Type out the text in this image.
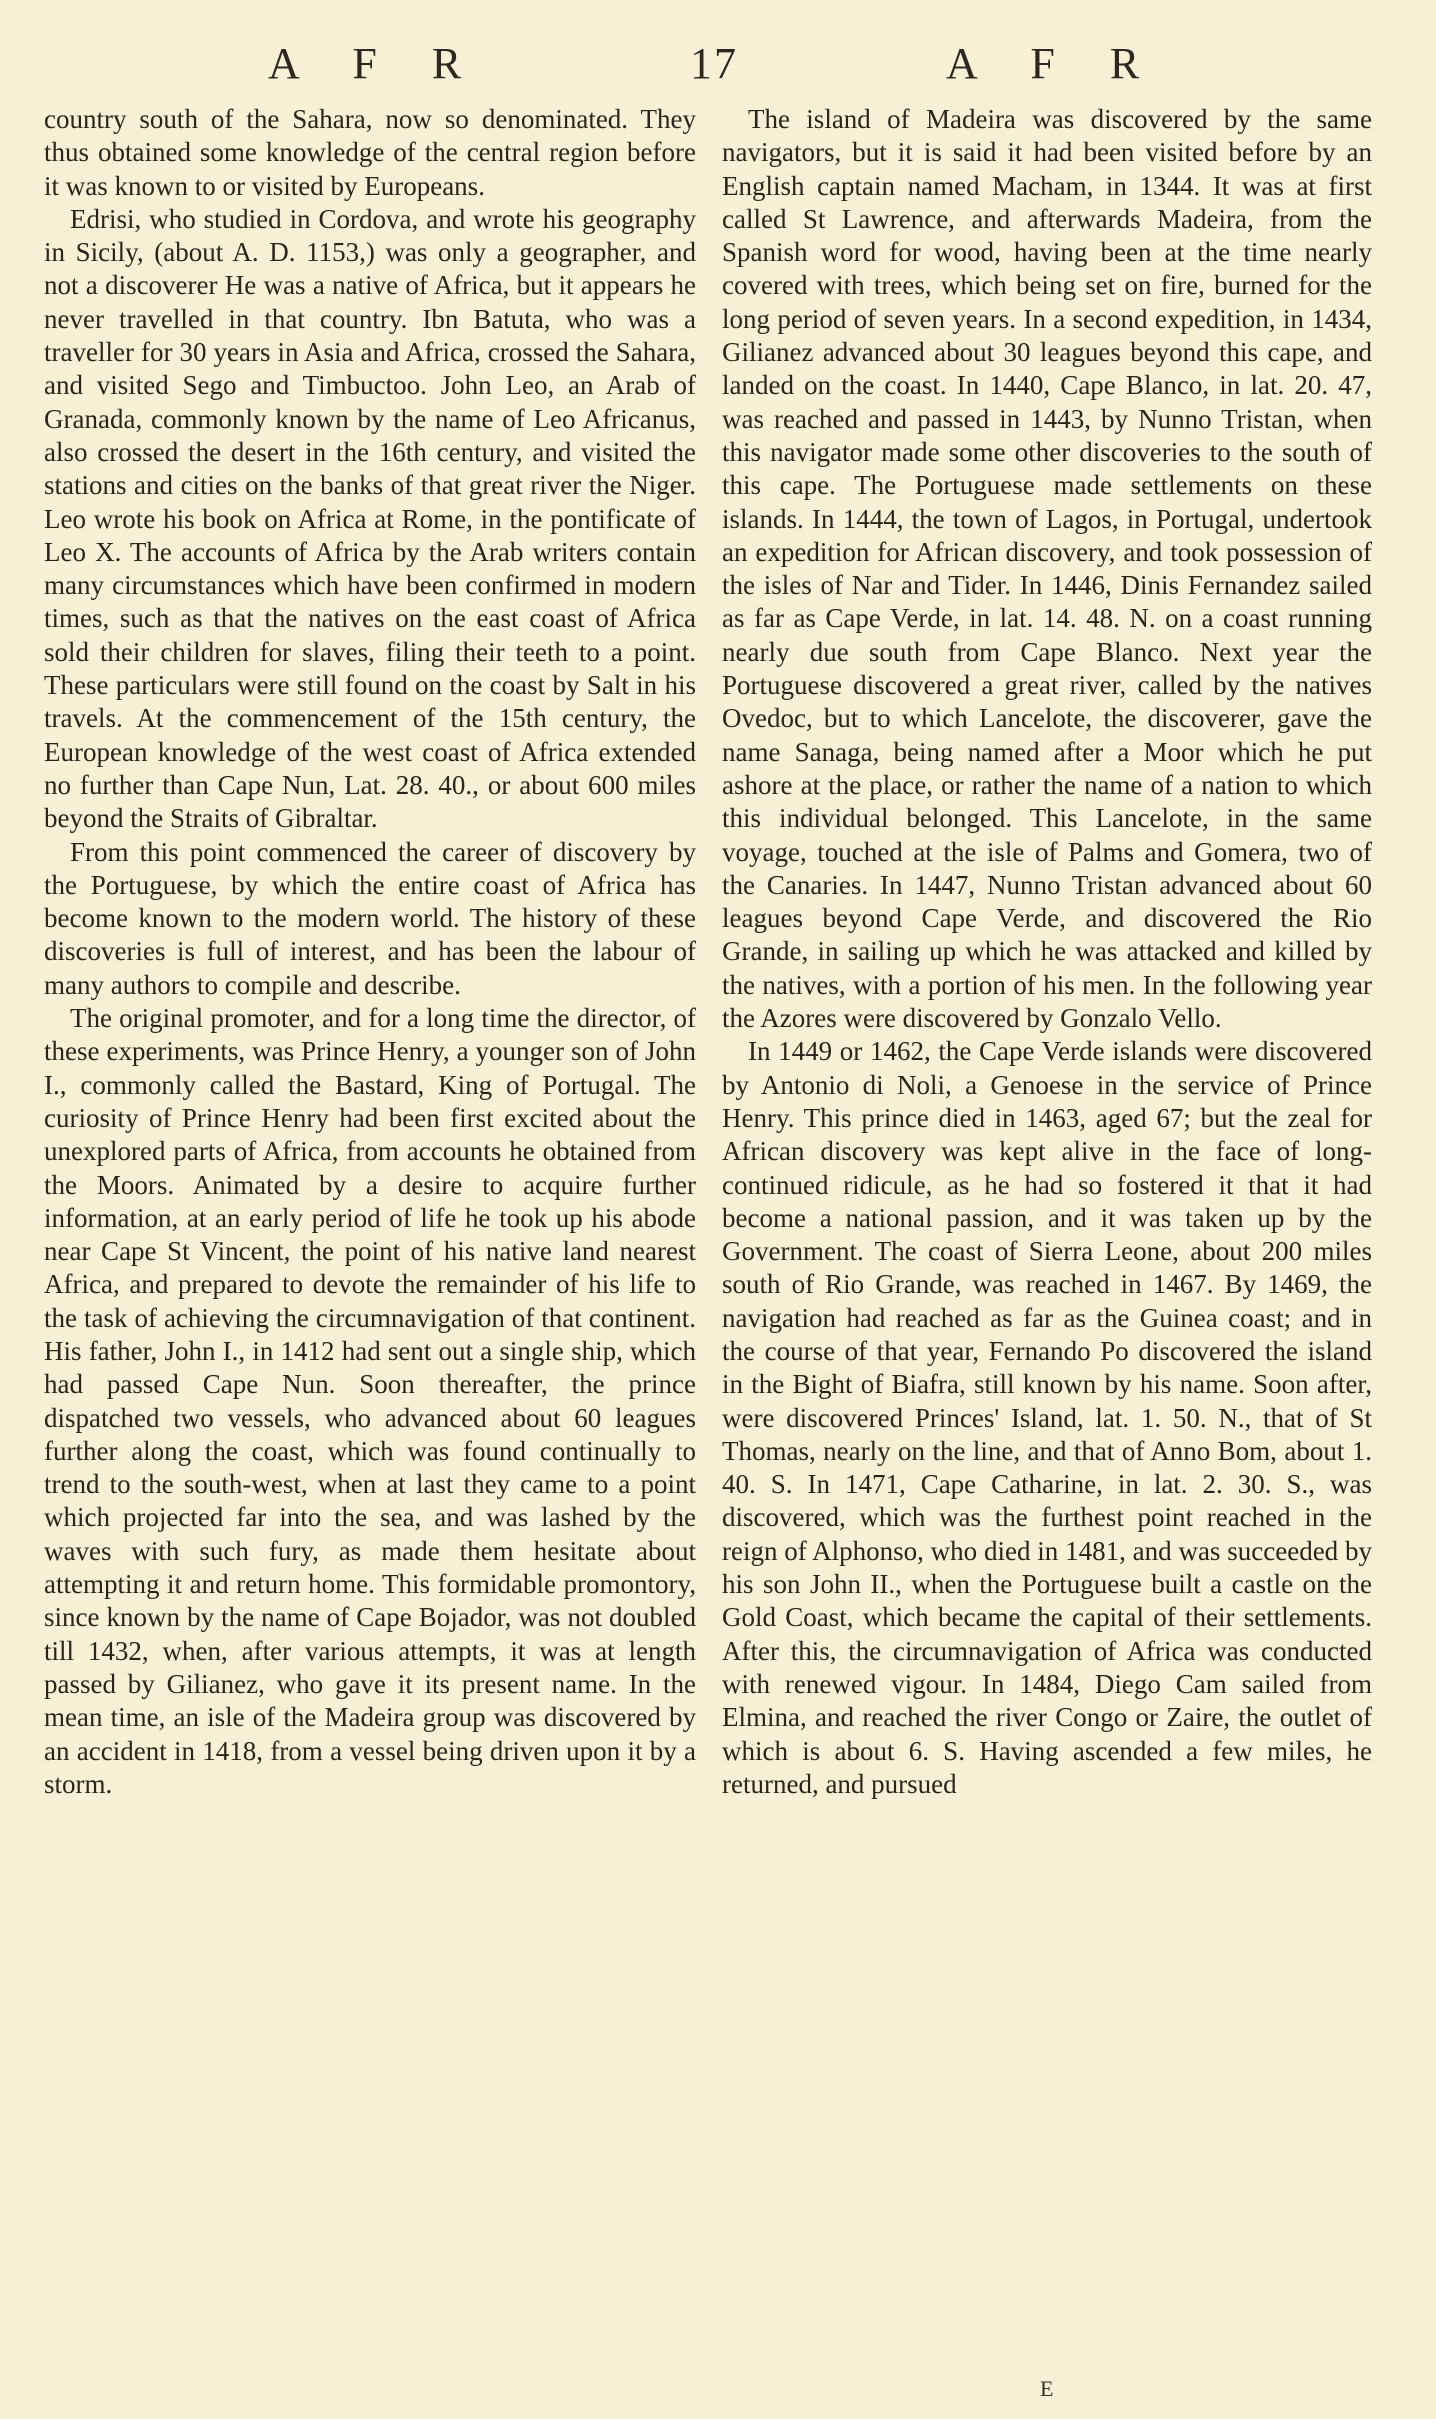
A F R	17	A F R

country south of the Sahara, now so denominated. They thus obtained some knowledge of the central region before it was known to or visited by Europeans.

Edrisi, who studied in Cordova, and wrote his geography in Sicily, (about A. D. 1153,) was only a geographer, and not a discoverer He was a native of Africa, but it appears he never travelled in that country. Ibn Batuta, who was a traveller for 30 years in Asia and Africa, crossed the Sahara, and visited Sego and Timbuctoo. John Leo, an Arab of Granada, commonly known by the name of Leo Africanus, also crossed the desert in the 16th century, and visited the stations and cities on the banks of that great river the Niger. Leo wrote his book on Africa at Rome, in the pontificate of Leo X. The accounts of Africa by the Arab writers contain many circumstances which have been confirmed in modern times, such as that the natives on the east coast of Africa sold their children for slaves, filing their teeth to a point. These particulars were still found on the coast by Salt in his travels. At the commencement of the 15th century, the European knowledge of the west coast of Africa extended no further than Cape Nun, Lat. 28. 40., or about 600 miles beyond the Straits of Gibraltar.

From this point commenced the career of discovery by the Portuguese, by which the entire coast of Africa has become known to the modern world. The history of these discoveries is full of interest, and has been the labour of many authors to compile and describe.

The original promoter, and for a long time the director, of these experiments, was Prince Henry, a younger son of John I., commonly called the Bastard, King of Portugal. The curiosity of Prince Henry had been first excited about the unexplored parts of Africa, from accounts he obtained from the Moors. Animated by a desire to acquire further information, at an early period of life he took up his abode near Cape St Vincent, the point of his native land nearest Africa, and prepared to devote the remainder of his life to the task of achieving the circumnavigation of that continent. His father, John I., in 1412 had sent out a single ship, which had passed Cape Nun. Soon thereafter, the prince dispatched two vessels, who advanced about 60 leagues further along the coast, which was found continually to trend to the south-west, when at last they came to a point which projected far into the sea, and was lashed by the waves with such fury, as made them hesitate about attempting it and return home. This formidable promontory, since known by the name of Cape Bojador, was not doubled till 1432, when, after various attempts, it was at length passed by Gilianez, who gave it its present name. In the mean time, an isle of the Madeira group was discovered by an accident in 1418, from a vessel being driven upon it by a storm.

The island of Madeira was discovered by the same navigators, but it is said it had been visited before by an English captain named Macham, in 1344. It was at first called St Lawrence, and afterwards Madeira, from the Spanish word for wood, having been at the time nearly covered with trees, which being set on fire, burned for the long period of seven years. In a second expedition, in 1434, Gilianez advanced about 30 leagues beyond this cape, and landed on the coast. In 1440, Cape Blanco, in lat. 20. 47, was reached and passed in 1443, by Nunno Tristan, when this navigator made some other discoveries to the south of this cape. The Portuguese made settlements on these islands. In 1444, the town of Lagos, in Portugal, undertook an expedition for African discovery, and took possession of the isles of Nar and Tider. In 1446, Dinis Fernandez sailed as far as Cape Verde, in lat. 14. 48. N. on a coast running nearly due south from Cape Blanco. Next year the Portuguese discovered a great river, called by the natives Ovedoc, but to which Lancelote, the discoverer, gave the name Sanaga, being named after a Moor which he put ashore at the place, or rather the name of a nation to which this individual belonged. This Lancelote, in the same voyage, touched at the isle of Palms and Gomera, two of the Canaries. In 1447, Nunno Tristan advanced about 60 leagues beyond Cape Verde, and discovered the Rio Grande, in sailing up which he was attacked and killed by the natives, with a portion of his men. In the following year the Azores were discovered by Gonzalo Vello.

In 1449 or 1462, the Cape Verde islands were discovered by Antonio di Noli, a Genoese in the service of Prince Henry. This prince died in 1463, aged 67; but the zeal for African discovery was kept alive in the face of long-continued ridicule, as he had so fostered it that it had become a national passion, and it was taken up by the Government. The coast of Sierra Leone, about 200 miles south of Rio Grande, was reached in 1467. By 1469, the navigation had reached as far as the Guinea coast; and in the course of that year, Fernando Po discovered the island in the Bight of Biafra, still known by his name. Soon after, were discovered Princes' Island, lat. 1. 50. N., that of St Thomas, nearly on the line, and that of Anno Bom, about 1. 40. S. In 1471, Cape Catharine, in lat. 2. 30. S., was discovered, which was the furthest point reached in the reign of Alphonso, who died in 1481, and was succeeded by his son John II., when the Portuguese built a castle on the Gold Coast, which became the capital of their settlements. After this, the circumnavigation of Africa was conducted with renewed vigour. In 1484, Diego Cam sailed from Elmina, and reached the river Congo or Zaire, the outlet of which is about 6. S. Having ascended a few miles, he returned, and pursued

E
